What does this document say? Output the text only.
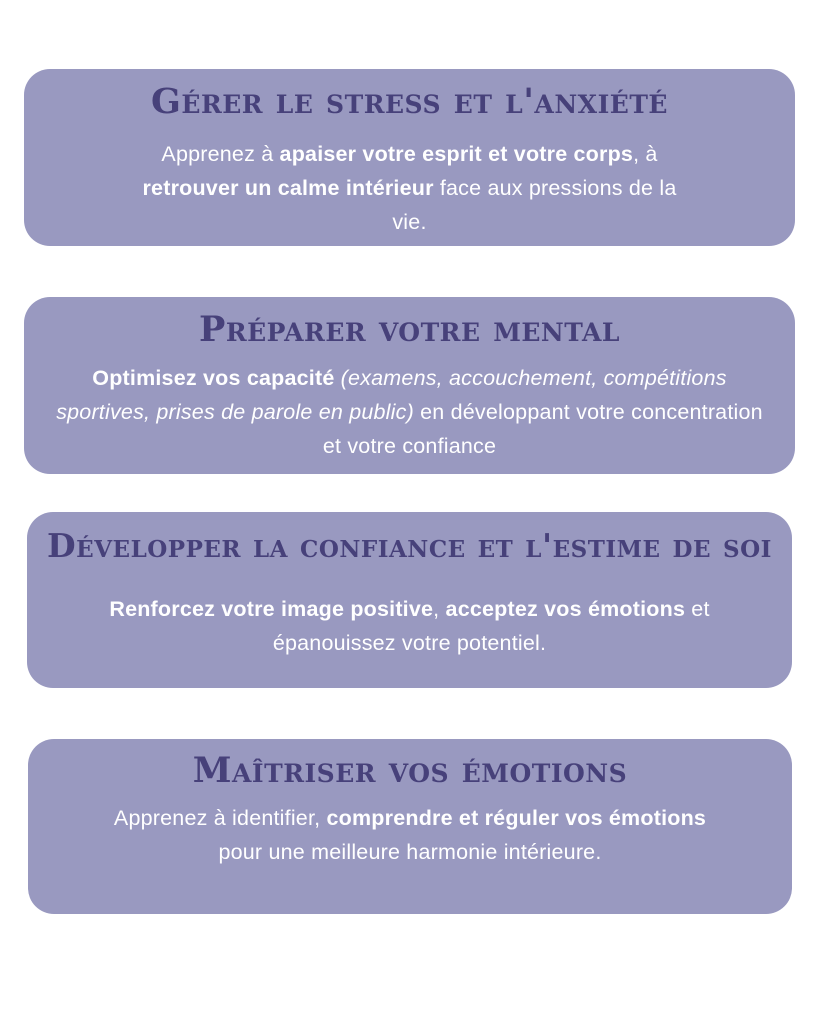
Gérer le stress et l'anxiété

Apprenez à apaiser votre esprit et votre corps, à retrouver un calme intérieur face aux pressions de la vie.

Préparer votre mental

Optimisez vos capacité (examens, accouchement, compétitions sportives, prises de parole en public) en développant votre concentration et votre confiance

Développer la confiance et l'estime de soi

Renforcez votre image positive, acceptez vos émotions et épanouissez votre potentiel.

Maîtriser vos émotions

Apprenez à identifier, comprendre et réguler vos émotions pour une meilleure harmonie intérieure.
